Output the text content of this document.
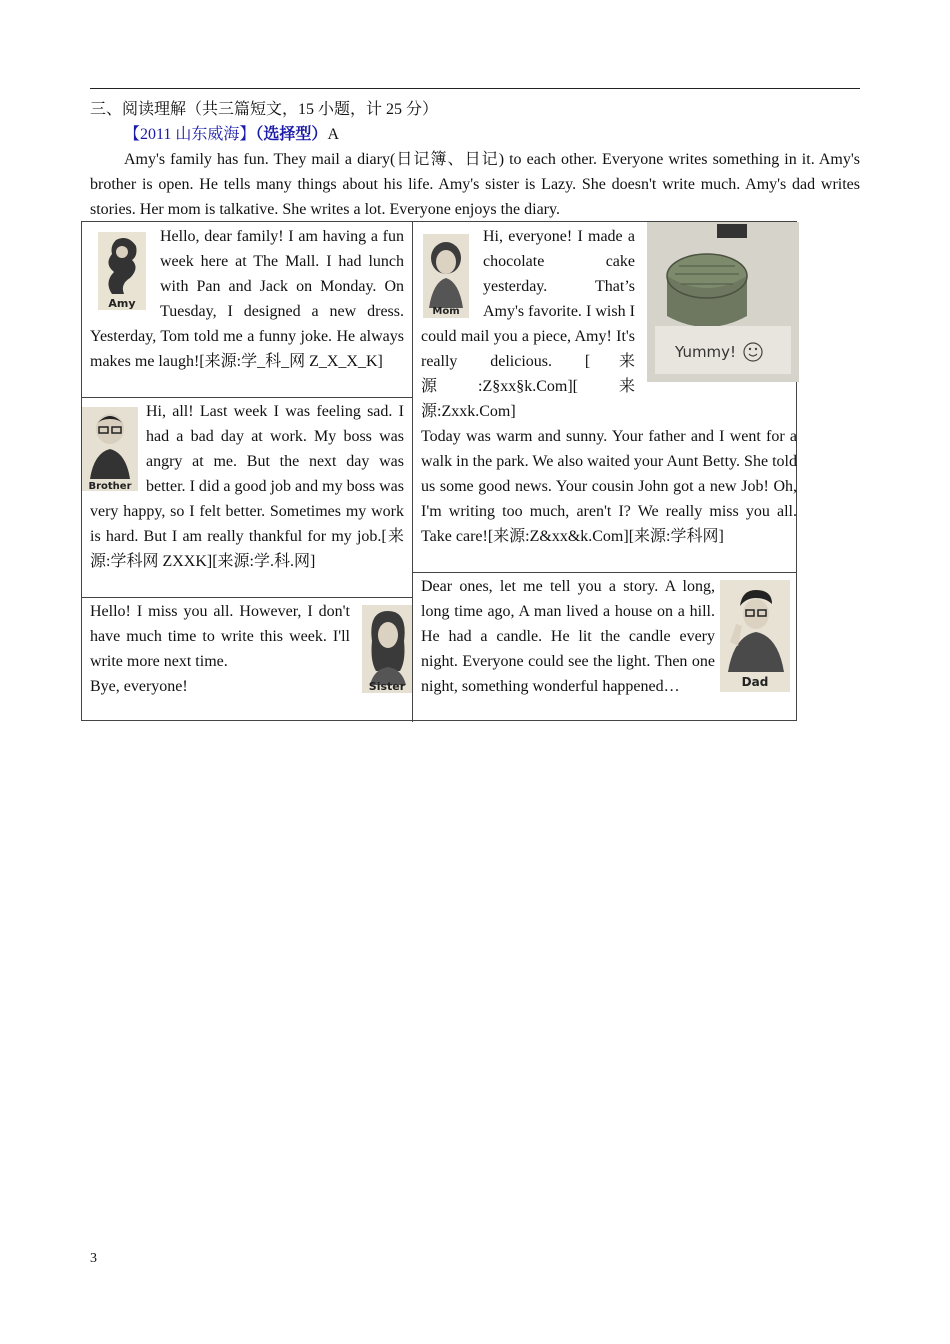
三、阅读理解（共三篇短文，15 小题，计 25 分）
【2011 山东威海】（选择型）A

Amy's family has fun. They mail a diary(日记簿、日记) to each other. Everyone writes something in it. Amy's brother is open. He tells many things about his life. Amy's sister is Lazy. She doesn't write much. Amy's dad writes stories. Her mom is talkative. She writes a lot. Everyone enjoys the diary.

Amy

Hello, dear family! I am having a fun week here at The Mall. I had lunch with Pan and Jack on Monday. On Tuesday, I designed a new dress. Yesterday, Tom told me a funny joke. He always makes me laugh![来源:学_科_网 Z_X_X_K]

Brother

Hi, all! Last week I was feeling sad. I had a bad day at work. My boss was angry at me. But the next day was better. I did a good job and my boss was very happy, so I felt better. Sometimes my work is hard. But I am really thankful for my job.[来源:学科网 ZXXK][来源:学.科.网]

Sister

Hello! I miss you all. However, I don't have much time to write this week. I'll write more next time.

Bye, everyone!

Yummy!
Mom

Hi, everyone! I made a chocolate cake yesterday. That’s Amy's favorite. I wish I could mail you a piece, Amy! It's really delicious. [来源:Z§xx§k.Com][来源:Zxxk.Com]

Today was warm and sunny. Your father and I went for a walk in the park. We also waited your Aunt Betty. She told us some good news. Your cousin John got a new Job! Oh, I'm writing too much, aren't I? We really miss you all. Take care![来源:Z&xx&k.Com][来源:学科网]

Dear ones, let me tell you a story. A long, long time ago, A man lived a house on a hill. He had a candle. He lit the candle every night. Everyone could see the light. Then one night, something wonderful happened…	Dad
3
